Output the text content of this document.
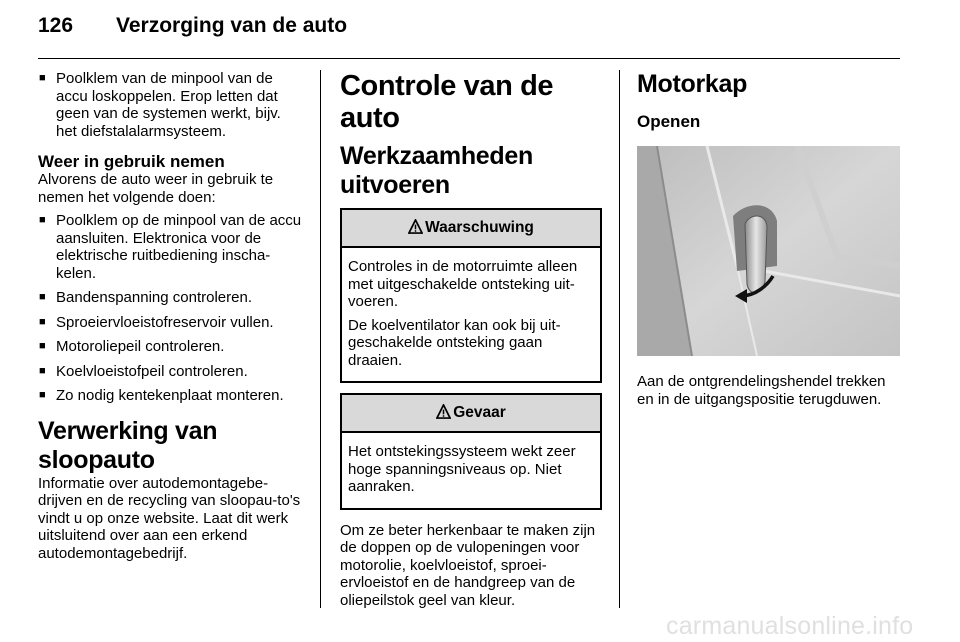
126 Verzorging van de auto
■ Poolklem van de minpool van de accu loskoppelen. Erop letten dat geen van de systemen werkt, bijv. het diefstalalarmsysteem.
Weer in gebruik nemen

Alvorens de auto weer in gebruik te nemen het volgende doen:

■ Poolklem op de minpool van de accu aansluiten. Elektronica voor de elektrische ruitbediening inscha-kelen.
■ Bandenspanning controleren.
■ Sproeiervloeistofreservoir vullen.
■ Motoroliepeil controleren.
■ Koelvloeistofpeil controleren.
■ Zo nodig kentekenplaat monteren.
Verwerking van sloopauto

Informatie over autodemontagebe-drijven en de recycling van sloopau-to's vindt u op onze website. Laat dit werk uitsluitend over aan een erkend autodemontagebedrijf.

Controle van de auto
Werkzaamheden uitvoeren
Waarschuwing

Controles in de motorruimte alleen met uitgeschakelde ontsteking uit-voeren.

De koelventilator kan ook bij uit-geschakelde ontsteking gaan draaien.

Gevaar

Het ontstekingssysteem wekt zeer hoge spanningsniveaus op. Niet aanraken.

Om ze beter herkenbaar te maken zijn de doppen op de vulopeningen voor motorolie, koelvloeistof, sproei-ervloeistof en de handgreep van de oliepeilstok geel van kleur.

Motorkap
Openen
Aan de ontgrendelingshendel trekken en in de uitgangspositie terugduwen.
carmanualsonline.info
